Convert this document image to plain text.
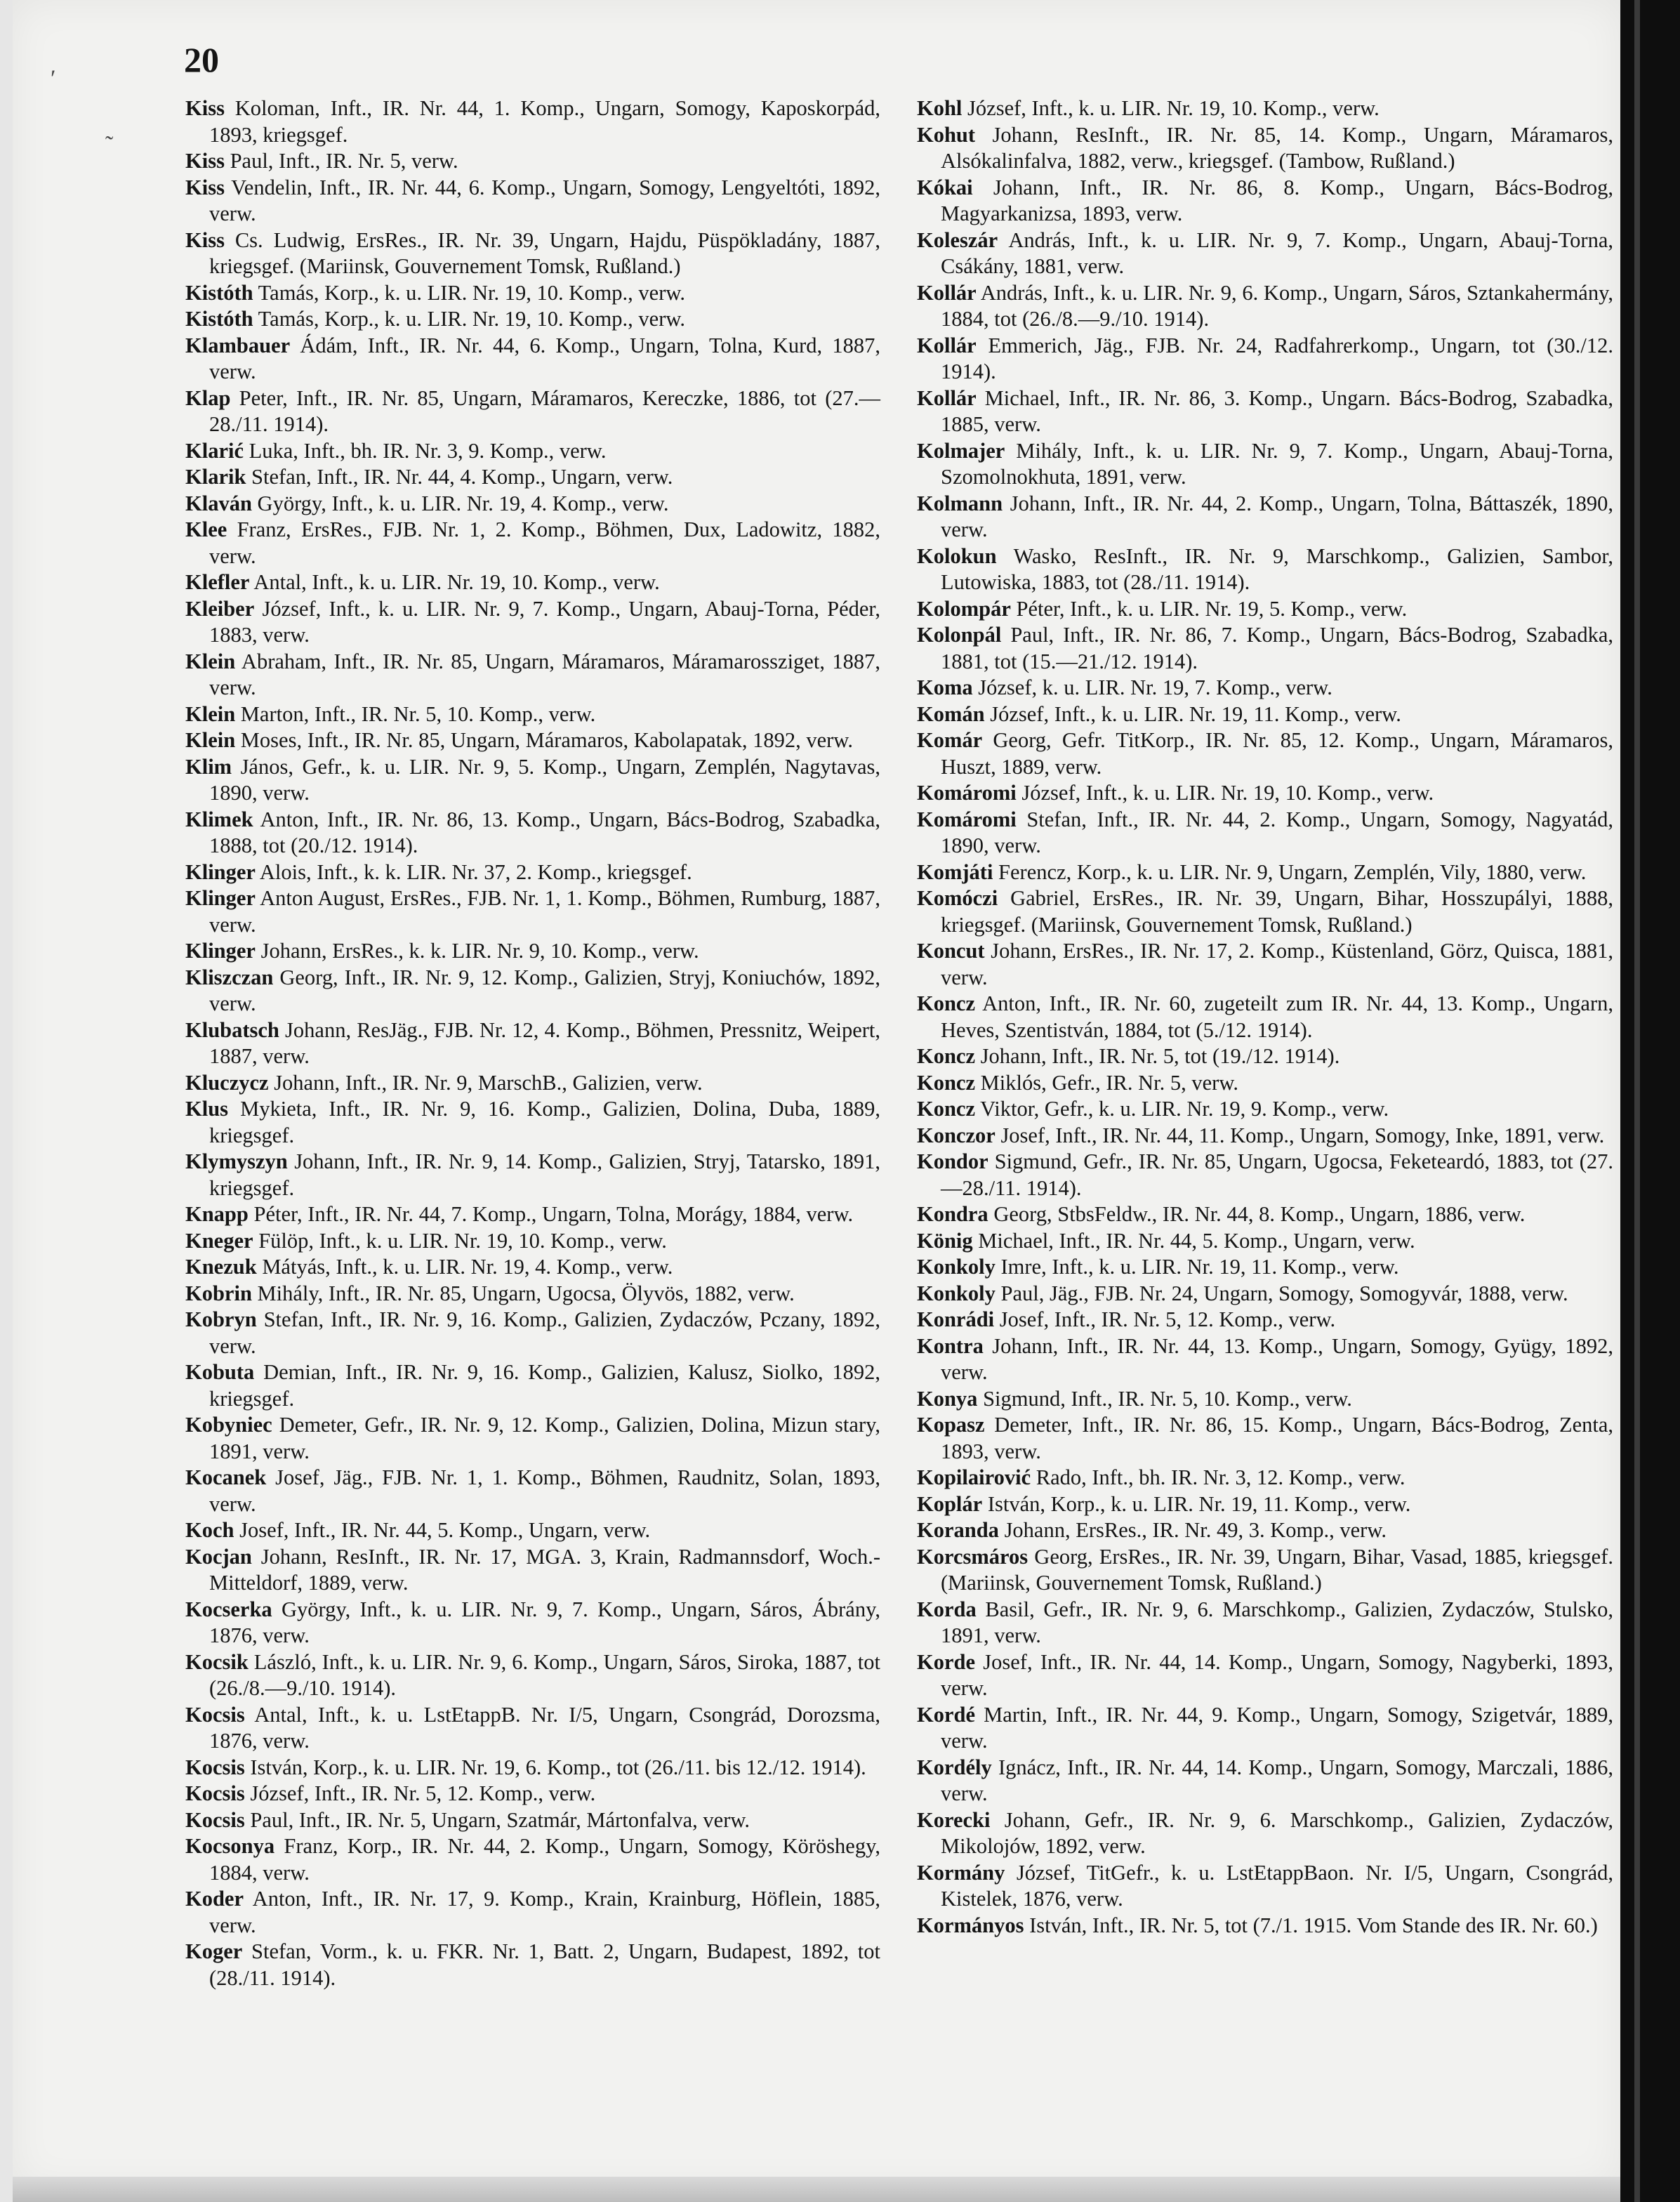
˜
ʹ	20

Kiss Koloman, Inft., IR. Nr. 44, 1. Komp., Ungarn, Somogy, Kaposkorpád, 1893, kriegsgef.

Kiss Paul, Inft., IR. Nr. 5, verw.

Kiss Vendelin, Inft., IR. Nr. 44, 6. Komp., Ungarn, Somogy, Lengyeltóti, 1892, verw.

Kiss Cs. Ludwig, ErsRes., IR. Nr. 39, Ungarn, Hajdu, Püspökladány, 1887, kriegsgef. (Mariinsk, Gouvernement Tomsk, Rußland.)

Kistóth Tamás, Korp., k. u. LIR. Nr. 19, 10. Komp., verw.

Kistóth Tamás, Korp., k. u. LIR. Nr. 19, 10. Komp., verw.

Klambauer Ádám, Inft., IR. Nr. 44, 6. Komp., Ungarn, Tolna, Kurd, 1887, verw.

Klap Peter, Inft., IR. Nr. 85, Ungarn, Máramaros, Kereczke, 1886, tot (27.—28./11. 1914).

Klarić Luka, Inft., bh. IR. Nr. 3, 9. Komp., verw.

Klarik Stefan, Inft., IR. Nr. 44, 4. Komp., Ungarn, verw.

Klaván György, Inft., k. u. LIR. Nr. 19, 4. Komp., verw.

Klee Franz, ErsRes., FJB. Nr. 1, 2. Komp., Böhmen, Dux, Ladowitz, 1882, verw.

Klefler Antal, Inft., k. u. LIR. Nr. 19, 10. Komp., verw.

Kleiber József, Inft., k. u. LIR. Nr. 9, 7. Komp., Ungarn, Abauj-Torna, Péder, 1883, verw.

Klein Abraham, Inft., IR. Nr. 85, Ungarn, Máramaros, Máramarossziget, 1887, verw.

Klein Marton, Inft., IR. Nr. 5, 10. Komp., verw.

Klein Moses, Inft., IR. Nr. 85, Ungarn, Máramaros, Kabolapatak, 1892, verw.

Klim János, Gefr., k. u. LIR. Nr. 9, 5. Komp., Ungarn, Zemplén, Nagytavas, 1890, verw.

Klimek Anton, Inft., IR. Nr. 86, 13. Komp., Ungarn, Bács-Bodrog, Szabadka, 1888, tot (20./12. 1914).

Klinger Alois, Inft., k. k. LIR. Nr. 37, 2. Komp., kriegsgef.

Klinger Anton August, ErsRes., FJB. Nr. 1, 1. Komp., Böhmen, Rumburg, 1887, verw.

Klinger Johann, ErsRes., k. k. LIR. Nr. 9, 10. Komp., verw.

Kliszczan Georg, Inft., IR. Nr. 9, 12. Komp., Galizien, Stryj, Koniuchów, 1892, verw.

Klubatsch Johann, ResJäg., FJB. Nr. 12, 4. Komp., Böhmen, Pressnitz, Weipert, 1887, verw.

Kluczycz Johann, Inft., IR. Nr. 9, MarschB., Galizien, verw.

Klus Mykieta, Inft., IR. Nr. 9, 16. Komp., Galizien, Dolina, Duba, 1889, kriegsgef.

Klymyszyn Johann, Inft., IR. Nr. 9, 14. Komp., Galizien, Stryj, Tatarsko, 1891, kriegsgef.

Knapp Péter, Inft., IR. Nr. 44, 7. Komp., Ungarn, Tolna, Morágy, 1884, verw.

Kneger Fülöp, Inft., k. u. LIR. Nr. 19, 10. Komp., verw.

Knezuk Mátyás, Inft., k. u. LIR. Nr. 19, 4. Komp., verw.

Kobrin Mihály, Inft., IR. Nr. 85, Ungarn, Ugocsa, Ölyvös, 1882, verw.

Kobryn Stefan, Inft., IR. Nr. 9, 16. Komp., Galizien, Zydaczów, Pczany, 1892, verw.

Kobuta Demian, Inft., IR. Nr. 9, 16. Komp., Galizien, Kalusz, Siolko, 1892, kriegsgef.

Kobyniec Demeter, Gefr., IR. Nr. 9, 12. Komp., Galizien, Dolina, Mizun stary, 1891, verw.

Kocanek Josef, Jäg., FJB. Nr. 1, 1. Komp., Böhmen, Raudnitz, Solan, 1893, verw.

Koch Josef, Inft., IR. Nr. 44, 5. Komp., Ungarn, verw.

Kocjan Johann, ResInft., IR. Nr. 17, MGA. 3, Krain, Radmannsdorf, Woch.-Mitteldorf, 1889, verw.

Kocserka György, Inft., k. u. LIR. Nr. 9, 7. Komp., Ungarn, Sáros, Ábrány, 1876, verw.

Kocsik László, Inft., k. u. LIR. Nr. 9, 6. Komp., Ungarn, Sáros, Siroka, 1887, tot (26./8.—9./10. 1914).

Kocsis Antal, Inft., k. u. LstEtappB. Nr. I/5, Ungarn, Csongrád, Dorozsma, 1876, verw.

Kocsis István, Korp., k. u. LIR. Nr. 19, 6. Komp., tot (26./11. bis 12./12. 1914).

Kocsis József, Inft., IR. Nr. 5, 12. Komp., verw.

Kocsis Paul, Inft., IR. Nr. 5, Ungarn, Szatmár, Mártonfalva, verw.

Kocsonya Franz, Korp., IR. Nr. 44, 2. Komp., Ungarn, Somogy, Köröshegy, 1884, verw.

Koder Anton, Inft., IR. Nr. 17, 9. Komp., Krain, Krainburg, Höflein, 1885, verw.

Koger Stefan, Vorm., k. u. FKR. Nr. 1, Batt. 2, Ungarn, Budapest, 1892, tot (28./11. 1914).

Kohl József, Inft., k. u. LIR. Nr. 19, 10. Komp., verw.

Kohut Johann, ResInft., IR. Nr. 85, 14. Komp., Ungarn, Máramaros, Alsókalinfalva, 1882, verw., kriegsgef. (Tambow, Rußland.)

Kókai Johann, Inft., IR. Nr. 86, 8. Komp., Ungarn, Bács-Bodrog, Magyarkanizsa, 1893, verw.

Koleszár András, Inft., k. u. LIR. Nr. 9, 7. Komp., Ungarn, Abauj-Torna, Csákány, 1881, verw.

Kollár András, Inft., k. u. LIR. Nr. 9, 6. Komp., Ungarn, Sáros, Sztankahermány, 1884, tot (26./8.—9./10. 1914).

Kollár Emmerich, Jäg., FJB. Nr. 24, Radfahrerkomp., Ungarn, tot (30./12. 1914).

Kollár Michael, Inft., IR. Nr. 86, 3. Komp., Ungarn. Bács-Bodrog, Szabadka, 1885, verw.

Kolmajer Mihály, Inft., k. u. LIR. Nr. 9, 7. Komp., Ungarn, Abauj-Torna, Szomolnokhuta, 1891, verw.

Kolmann Johann, Inft., IR. Nr. 44, 2. Komp., Ungarn, Tolna, Báttaszék, 1890, verw.

Kolokun Wasko, ResInft., IR. Nr. 9, Marschkomp., Galizien, Sambor, Lutowiska, 1883, tot (28./11. 1914).

Kolompár Péter, Inft., k. u. LIR. Nr. 19, 5. Komp., verw.

Kolonpál Paul, Inft., IR. Nr. 86, 7. Komp., Ungarn, Bács-Bodrog, Szabadka, 1881, tot (15.—21./12. 1914).

Koma József, k. u. LIR. Nr. 19, 7. Komp., verw.

Komán József, Inft., k. u. LIR. Nr. 19, 11. Komp., verw.

Komár Georg, Gefr. TitKorp., IR. Nr. 85, 12. Komp., Ungarn, Máramaros, Huszt, 1889, verw.

Komáromi József, Inft., k. u. LIR. Nr. 19, 10. Komp., verw.

Komáromi Stefan, Inft., IR. Nr. 44, 2. Komp., Ungarn, Somogy, Nagyatád, 1890, verw.

Komjáti Ferencz, Korp., k. u. LIR. Nr. 9, Ungarn, Zemplén, Vily, 1880, verw.

Komóczi Gabriel, ErsRes., IR. Nr. 39, Ungarn, Bihar, Hosszupályi, 1888, kriegsgef. (Mariinsk, Gouvernement Tomsk, Rußland.)

Koncut Johann, ErsRes., IR. Nr. 17, 2. Komp., Küstenland, Görz, Quisca, 1881, verw.

Koncz Anton, Inft., IR. Nr. 60, zugeteilt zum IR. Nr. 44, 13. Komp., Ungarn, Heves, Szentistván, 1884, tot (5./12. 1914).

Koncz Johann, Inft., IR. Nr. 5, tot (19./12. 1914).

Koncz Miklós, Gefr., IR. Nr. 5, verw.

Koncz Viktor, Gefr., k. u. LIR. Nr. 19, 9. Komp., verw.

Konczor Josef, Inft., IR. Nr. 44, 11. Komp., Ungarn, Somogy, Inke, 1891, verw.

Kondor Sigmund, Gefr., IR. Nr. 85, Ungarn, Ugocsa, Feketeardó, 1883, tot (27.—28./11. 1914).

Kondra Georg, StbsFeldw., IR. Nr. 44, 8. Komp., Ungarn, 1886, verw.

König Michael, Inft., IR. Nr. 44, 5. Komp., Ungarn, verw.

Konkoly Imre, Inft., k. u. LIR. Nr. 19, 11. Komp., verw.

Konkoly Paul, Jäg., FJB. Nr. 24, Ungarn, Somogy, Somogyvár, 1888, verw.

Konrádi Josef, Inft., IR. Nr. 5, 12. Komp., verw.

Kontra Johann, Inft., IR. Nr. 44, 13. Komp., Ungarn, Somogy, Gyügy, 1892, verw.

Konya Sigmund, Inft., IR. Nr. 5, 10. Komp., verw.

Kopasz Demeter, Inft., IR. Nr. 86, 15. Komp., Ungarn, Bács-Bodrog, Zenta, 1893, verw.

Kopilairović Rado, Inft., bh. IR. Nr. 3, 12. Komp., verw.

Koplár István, Korp., k. u. LIR. Nr. 19, 11. Komp., verw.

Koranda Johann, ErsRes., IR. Nr. 49, 3. Komp., verw.

Korcsmáros Georg, ErsRes., IR. Nr. 39, Ungarn, Bihar, Vasad, 1885, kriegsgef. (Mariinsk, Gouvernement Tomsk, Rußland.)

Korda Basil, Gefr., IR. Nr. 9, 6. Marschkomp., Galizien, Zydaczów, Stulsko, 1891, verw.

Korde Josef, Inft., IR. Nr. 44, 14. Komp., Ungarn, Somogy, Nagyberki, 1893, verw.

Kordé Martin, Inft., IR. Nr. 44, 9. Komp., Ungarn, Somogy, Szigetvár, 1889, verw.

Kordély Ignácz, Inft., IR. Nr. 44, 14. Komp., Ungarn, Somogy, Marczali, 1886, verw.

Korecki Johann, Gefr., IR. Nr. 9, 6. Marschkomp., Galizien, Zydaczów, Mikolojów, 1892, verw.

Kormány József, TitGefr., k. u. LstEtappBaon. Nr. I/5, Ungarn, Csongrád, Kistelek, 1876, verw.

Kormányos István, Inft., IR. Nr. 5, tot (7./1. 1915. Vom Stande des IR. Nr. 60.)
